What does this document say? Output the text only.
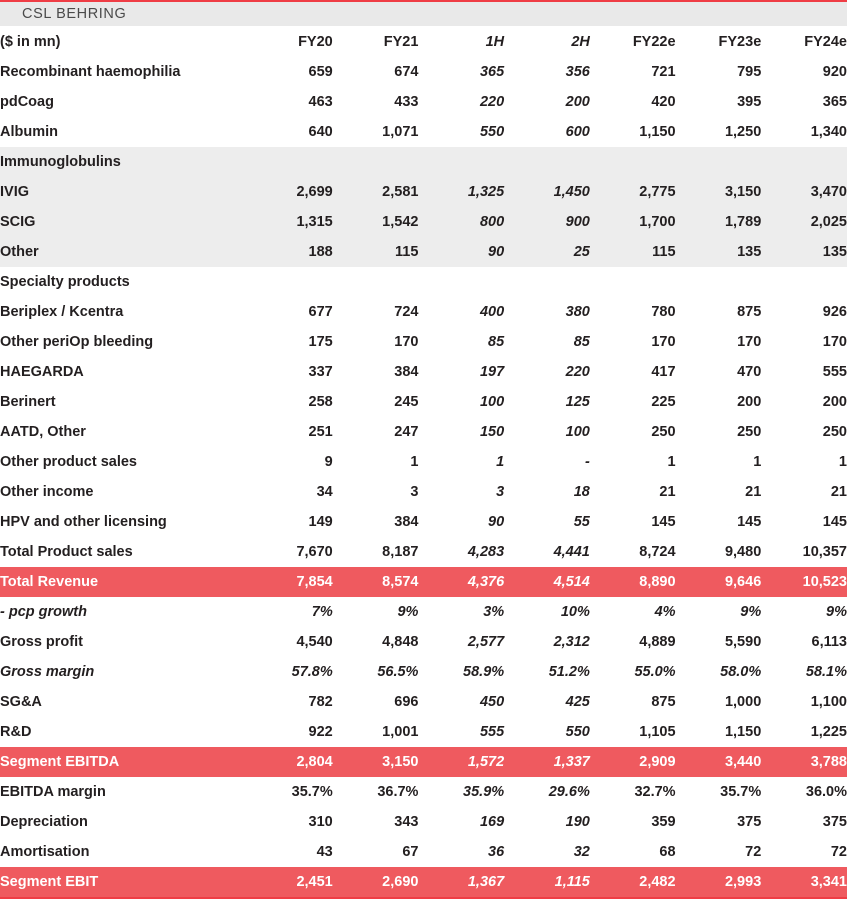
CSL BEHRING
($ in mn)	FY20	FY21	1H	2H	FY22e	FY23e	FY24e
Recombinant haemophilia	659	674	365	356	721	795	920
pdCoag	463	433	220	200	420	395	365
Albumin	640	1,071	550	600	1,150	1,250	1,340
Immunoglobulins							
IVIG	2,699	2,581	1,325	1,450	2,775	3,150	3,470
SCIG	1,315	1,542	800	900	1,700	1,789	2,025
Other	188	115	90	25	115	135	135
Specialty products							
Beriplex / Kcentra	677	724	400	380	780	875	926
Other periOp bleeding	175	170	85	85	170	170	170
HAEGARDA	337	384	197	220	417	470	555
Berinert	258	245	100	125	225	200	200
AATD, Other	251	247	150	100	250	250	250
Other product sales	9	1	1	-	1	1	1
Other income	34	3	3	18	21	21	21
HPV and other licensing	149	384	90	55	145	145	145
Total Product sales	7,670	8,187	4,283	4,441	8,724	9,480	10,357
Total Revenue	7,854	8,574	4,376	4,514	8,890	9,646	10,523
- pcp growth	7%	9%	3%	10%	4%	9%	9%
Gross profit	4,540	4,848	2,577	2,312	4,889	5,590	6,113
Gross margin	57.8%	56.5%	58.9%	51.2%	55.0%	58.0%	58.1%
SG&A	782	696	450	425	875	1,000	1,100
R&D	922	1,001	555	550	1,105	1,150	1,225
Segment EBITDA	2,804	3,150	1,572	1,337	2,909	3,440	3,788
EBITDA margin	35.7%	36.7%	35.9%	29.6%	32.7%	35.7%	36.0%
Depreciation	310	343	169	190	359	375	375
Amortisation	43	67	36	32	68	72	72
Segment EBIT	2,451	2,690	1,367	1,115	2,482	2,993	3,341
